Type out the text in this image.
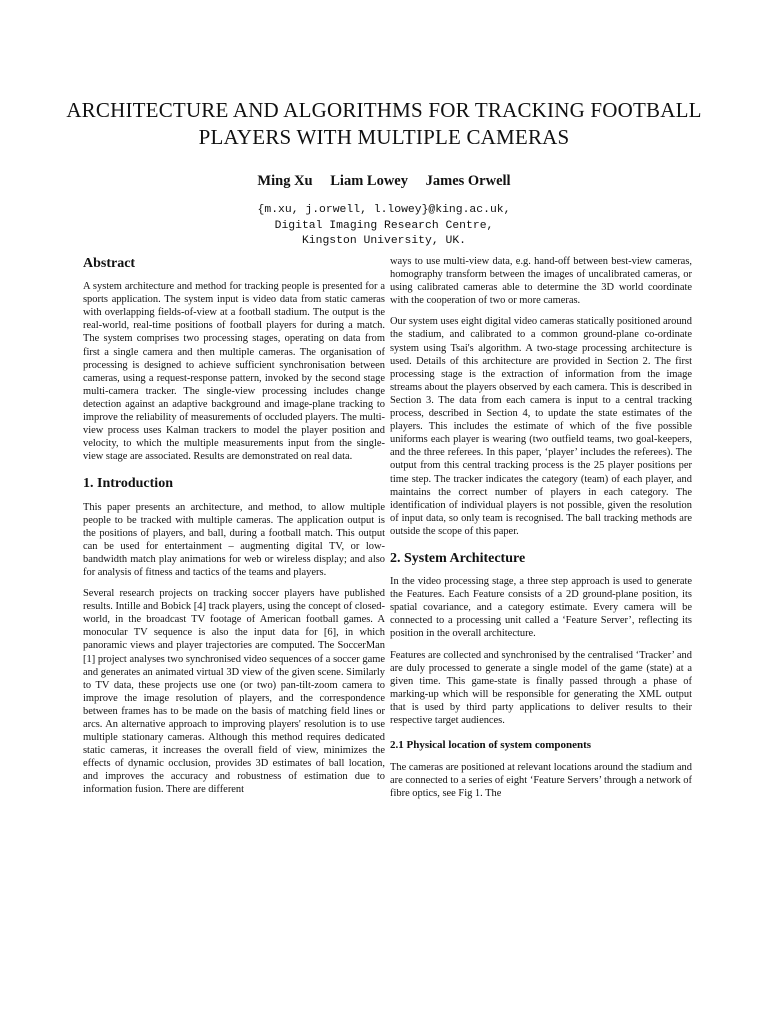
ARCHITECTURE AND ALGORITHMS FOR TRACKING FOOTBALL PLAYERS WITH MULTIPLE CAMERAS
Ming Xu Liam Lowey James Orwell
{m.xu, j.orwell, l.lowey}@king.ac.uk,
Digital Imaging Research Centre,
Kingston University, UK.
Abstract

A system architecture and method for tracking people is presented for a sports application. The system input is video data from static cameras with overlapping fields-of-view at a football stadium. The output is the real-world, real-time positions of football players for during a match. The system comprises two processing stages, operating on data from first a single camera and then multiple cameras. The organisation of processing is designed to achieve sufficient synchronisation between cameras, using a request-response pattern, invoked by the second stage multi-camera tracker. The single-view processing includes change detection against an adaptive background and image-plane tracking to improve the reliability of measurements of occluded players. The multi-view process uses Kalman trackers to model the player position and velocity, to which the multiple measurements input from the single-view stage are associated. Results are demonstrated on real data.

1. Introduction

This paper presents an architecture, and method, to allow multiple people to be tracked with multiple cameras. The application output is the positions of players, and ball, during a football match. This output can be used for entertainment – augmenting digital TV, or low-bandwidth match play animations for web or wireless display; and also for analysis of fitness and tactics of the teams and players.

Several research projects on tracking soccer players have published results. Intille and Bobick [4] track players, using the concept of closed-world, in the broadcast TV footage of American football games. A monocular TV sequence is also the input data for [6], in which panoramic views and player trajectories are computed. The SoccerMan [1] project analyses two synchronised video sequences of a soccer game and generates an animated virtual 3D view of the given scene. Similarly to TV data, these projects use one (or two) pan-tilt-zoom camera to improve the image resolution of players, and the correspondence between frames has to be made on the basis of matching field lines or arcs. An alternative approach to improving players' resolution is to use multiple stationary cameras. Although this method requires dedicated static cameras, it increases the overall field of view, minimizes the effects of dynamic occlusion, provides 3D estimates of ball location, and improves the accuracy and robustness of estimation due to information fusion. There are different

ways to use multi-view data, e.g. hand-off between best-view cameras, homography transform between the images of uncalibrated cameras, or using calibrated cameras able to determine the 3D world coordinate with the cooperation of two or more cameras.

Our system uses eight digital video cameras statically positioned around the stadium, and calibrated to a common ground-plane co-ordinate system using Tsai's algorithm. A two-stage processing architecture is used. Details of this architecture are provided in Section 2. The first processing stage is the extraction of information from the image streams about the players observed by each camera. This is described in Section 3. The data from each camera is input to a central tracking process, described in Section 4, to update the state estimates of the players. This includes the estimate of which of the five possible uniforms each player is wearing (two outfield teams, two goal-keepers, and the three referees. In this paper, ‘player’ includes the referees). The output from this central tracking process is the 25 player positions per time step. The tracker indicates the category (team) of each player, and maintains the correct number of players in each category. The identification of individual players is not possible, given the resolution of input data, so only team is recognised. The ball tracking methods are outside the scope of this paper.

2. System Architecture

In the video processing stage, a three step approach is used to generate the Features. Each Feature consists of a 2D ground-plane position, its spatial covariance, and a category estimate. Every camera will be connected to a processing unit called a ‘Feature Server’, reflecting its position in the overall architecture.

Features are collected and synchronised by the centralised ‘Tracker’ and are duly processed to generate a single model of the game (state) at a given time. This game-state is finally passed through a phase of marking-up which will be responsible for generating the XML output that is used by third party applications to deliver results to their respective target audiences.

2.1 Physical location of system components

The cameras are positioned at relevant locations around the stadium and are connected to a series of eight ‘Feature Servers’ through a network of fibre optics, see Fig 1. The
